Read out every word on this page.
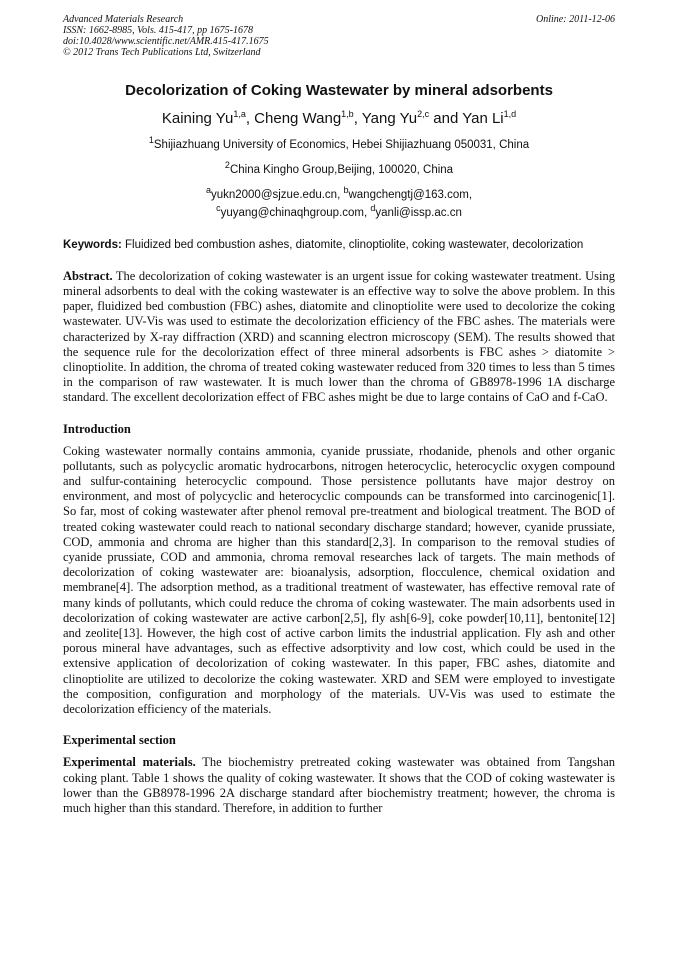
Advanced Materials Research
ISSN: 1662-8985, Vols. 415-417, pp 1675-1678
doi:10.4028/www.scientific.net/AMR.415-417.1675
© 2012 Trans Tech Publications Ltd, Switzerland
Online: 2011-12-06
Decolorization of Coking Wastewater by mineral adsorbents
Kaining Yu$^{1,a}$, Cheng Wang$^{1,b}$, Yang Yu$^{2,c}$ and Yan Li$^{1,d}$
$^1$Shijiazhuang University of Economics, Hebei Shijiazhuang 050031, China
$^2$China Kingho Group,Beijing, 100020, China
$^a$yukn2000@sjzue.edu.cn, $^b$wangchengtj@163.com,
$^c$yuyang@chinaqhgroup.com, $^d$yanli@issp.ac.cn
Keywords: Fluidized bed combustion ashes, diatomite, clinoptiolite, coking wastewater, decolorization
Abstract. The decolorization of coking wastewater is an urgent issue for coking wastewater treatment. Using mineral adsorbents to deal with the coking wastewater is an effective way to solve the above problem. In this paper, fluidized bed combustion (FBC) ashes, diatomite and clinoptiolite were used to decolorize the coking wastewater. UV-Vis was used to estimate the decolorization efficiency of the FBC ashes. The materials were characterized by X-ray diffraction (XRD) and scanning electron microscopy (SEM). The results showed that the sequence rule for the decolorization effect of three mineral adsorbents is FBC ashes > diatomite > clinoptiolite. In addition, the chroma of treated coking wastewater reduced from 320 times to less than 5 times in the comparison of raw wastewater. It is much lower than the chroma of GB8978-1996 1A discharge standard. The excellent decolorization effect of FBC ashes might be due to large contains of CaO and f-CaO.
Introduction
Coking wastewater normally contains ammonia, cyanide prussiate, rhodanide, phenols and other organic pollutants, such as polycyclic aromatic hydrocarbons, nitrogen heterocyclic, heterocyclic oxygen compound and sulfur-containing heterocyclic compound. Those persistence pollutants have major destroy on environment, and most of polycyclic and heterocyclic compounds can be transformed into carcinogenic[1]. So far, most of coking wastewater after phenol removal pre-treatment and biological treatment. The BOD of treated coking wastewater could reach to national secondary discharge standard; however, cyanide prussiate, COD, ammonia and chroma are higher than this standard[2,3]. In comparison to the removal studies of cyanide prussiate, COD and ammonia, chroma removal researches lack of targets. The main methods of decolorization of coking wastewater are: bioanalysis, adsorption, flocculence, chemical oxidation and membrane[4]. The adsorption method, as a traditional treatment of wastewater, has effective removal rate of many kinds of pollutants, which could reduce the chroma of coking wastewater. The main adsorbents used in decolorization of coking wastewater are active carbon[2,5], fly ash[6-9], coke powder[10,11], bentonite[12] and zeolite[13]. However, the high cost of active carbon limits the industrial application. Fly ash and other porous mineral have advantages, such as effective adsorptivity and low cost, which could be used in the extensive application of decolorization of coking wastewater. In this paper, FBC ashes, diatomite and clinoptiolite are utilized to decolorize the coking wastewater. XRD and SEM were employed to investigate the composition, configuration and morphology of the materials. UV-Vis was used to estimate the decolorization efficiency of the materials.
Experimental section
Experimental materials. The biochemistry pretreated coking wastewater was obtained from Tangshan coking plant. Table 1 shows the quality of coking wastewater. It shows that the COD of coking wastewater is lower than the GB8978-1996 2A discharge standard after biochemistry treatment; however, the chroma is much higher than this standard. Therefore, in addition to further
